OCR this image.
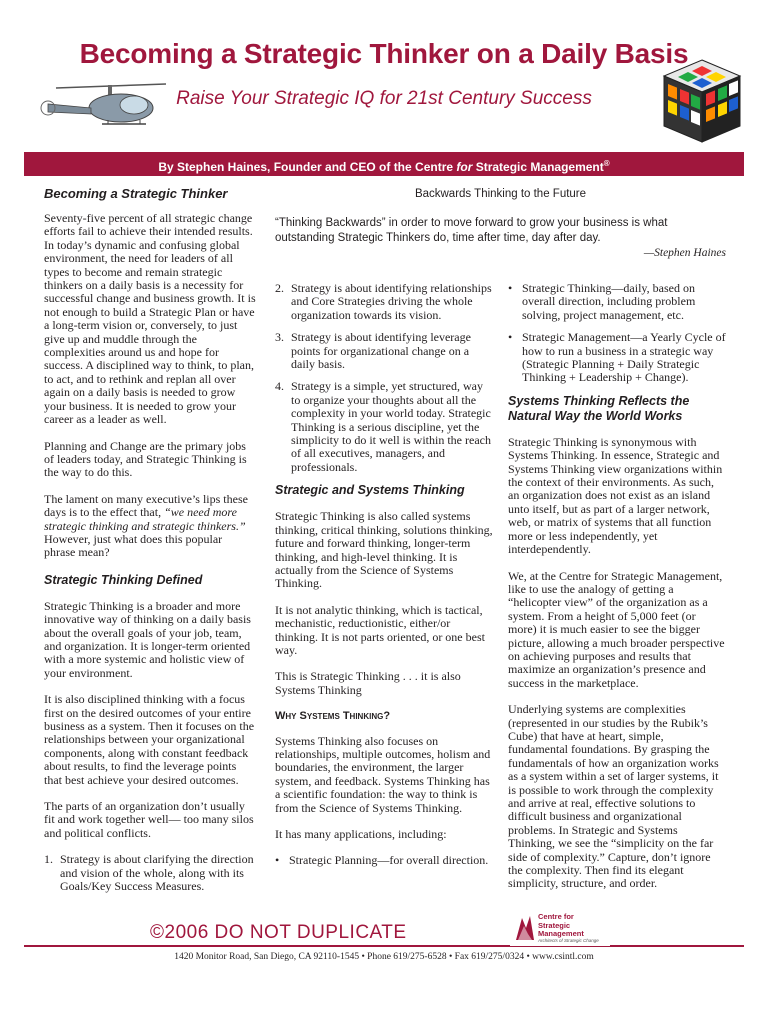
Becoming a Strategic Thinker on a Daily Basis
Raise Your Strategic IQ for 21st Century Success
By Stephen Haines, Founder and CEO of the Centre for Strategic Management®
Becoming a Strategic Thinker	Backwards Thinking to the Future
“Thinking Backwards” in order to move forward to grow your business is what outstanding Strategic Thinkers do, time after time, day after day.
—Stephen Haines

Seventy-five percent of all strategic change efforts fail to achieve their intended results. In today’s dynamic and confusing global environment, the need for leaders of all types to become and remain strategic thinkers on a daily basis is a necessity for successful change and business growth. It is not enough to build a Strategic Plan or have a long-term vision or, conversely, to just give up and muddle through the complexities around us and hope for success. A disciplined way to think, to plan, to act, and to rethink and replan all over again on a daily basis is needed to grow your business. It is needed to grow your career as a leader as well.

Planning and Change are the primary jobs of leaders today, and Strategic Thinking is the way to do this.

The lament on many executive’s lips these days is to the effect that, “we need more strategic thinking and strategic thinkers.” However, just what does this popular phrase mean?

Strategic Thinking Defined

Strategic Thinking is a broader and more innovative way of thinking on a daily basis about the overall goals of your job, team, and organization. It is longer-term oriented with a more systemic and holistic view of your environment.

It is also disciplined thinking with a focus first on the desired outcomes of your entire business as a system. Then it focuses on the relationships between your organizational components, along with constant feedback about results, to find the leverage points that best achieve your desired outcomes.

The parts of an organization don’t usually fit and work together well— too many silos and political conflicts.

1. Strategy is about clarifying the direction and vision of the whole, along with its Goals/Key Success Measures.
2. Strategy is about identifying relationships and Core Strategies driving the whole organization towards its vision.
3. Strategy is about identifying leverage points for organizational change on a daily basis.
4. Strategy is a simple, yet structured, way to organize your thoughts about all the complexity in your world today. Strategic Thinking is a serious discipline, yet the simplicity to do it well is within the reach of all executives, managers, and professionals.
Strategic and Systems Thinking

Strategic Thinking is also called systems thinking, critical thinking, solutions thinking, future and forward thinking, longer-term thinking, and high-level thinking. It is actually from the Science of Systems Thinking.

It is not analytic thinking, which is tactical, mechanistic, reductionistic, either/or thinking. It is not parts oriented, or one best way.

This is Strategic Thinking . . . it is also Systems Thinking

Why Systems Thinking?

Systems Thinking also focuses on relationships, multiple outcomes, holism and boundaries, the environment, the larger system, and feedback. Systems Thinking has a scientific foundation: the way to think is from the Science of Systems Thinking.

It has many applications, including:

• Strategic Planning—for overall direction.
• Strategic Thinking—daily, based on overall direction, including problem solving, project management, etc.
• Strategic Management—a Yearly Cycle of how to run a business in a strategic way (Strategic Planning + Daily Strategic Thinking + Leadership + Change).
Systems Thinking Reflects the Natural Way the World Works

Strategic Thinking is synonymous with Systems Thinking. In essence, Strategic and Systems Thinking view organizations within the context of their environments. As such, an organization does not exist as an island unto itself, but as part of a larger network, web, or matrix of systems that all function more or less independently, yet interdependently.

We, at the Centre for Strategic Management, like to use the analogy of getting a “helicopter view” of the organization as a system. From a height of 5,000 feet (or more) it is much easier to see the bigger picture, allowing a much broader perspective on achieving purposes and results that maximize an organization’s presence and success in the marketplace.

Underlying systems are complexities (represented in our studies by the Rubik’s Cube) that have at heart, simple, fundamental foundations. By grasping the fundamentals of how an organization works as a system within a set of larger systems, it is possible to work through the complexity and arrive at real, effective solutions to difficult business and organizational problems. In Strategic and Systems Thinking, we see the “simplicity on the far side of complexity.” Capture, don’t ignore the complexity. Then find its elegant simplicity, structure, and order.

©2006 DO NOT DUPLICATE
Centre for
Strategic
Management
Architects of Strategic Change
1420 Monitor Road, San Diego, CA 92110-1545 • Phone 619/275-6528 • Fax 619/275/0324 • www.csintl.com
